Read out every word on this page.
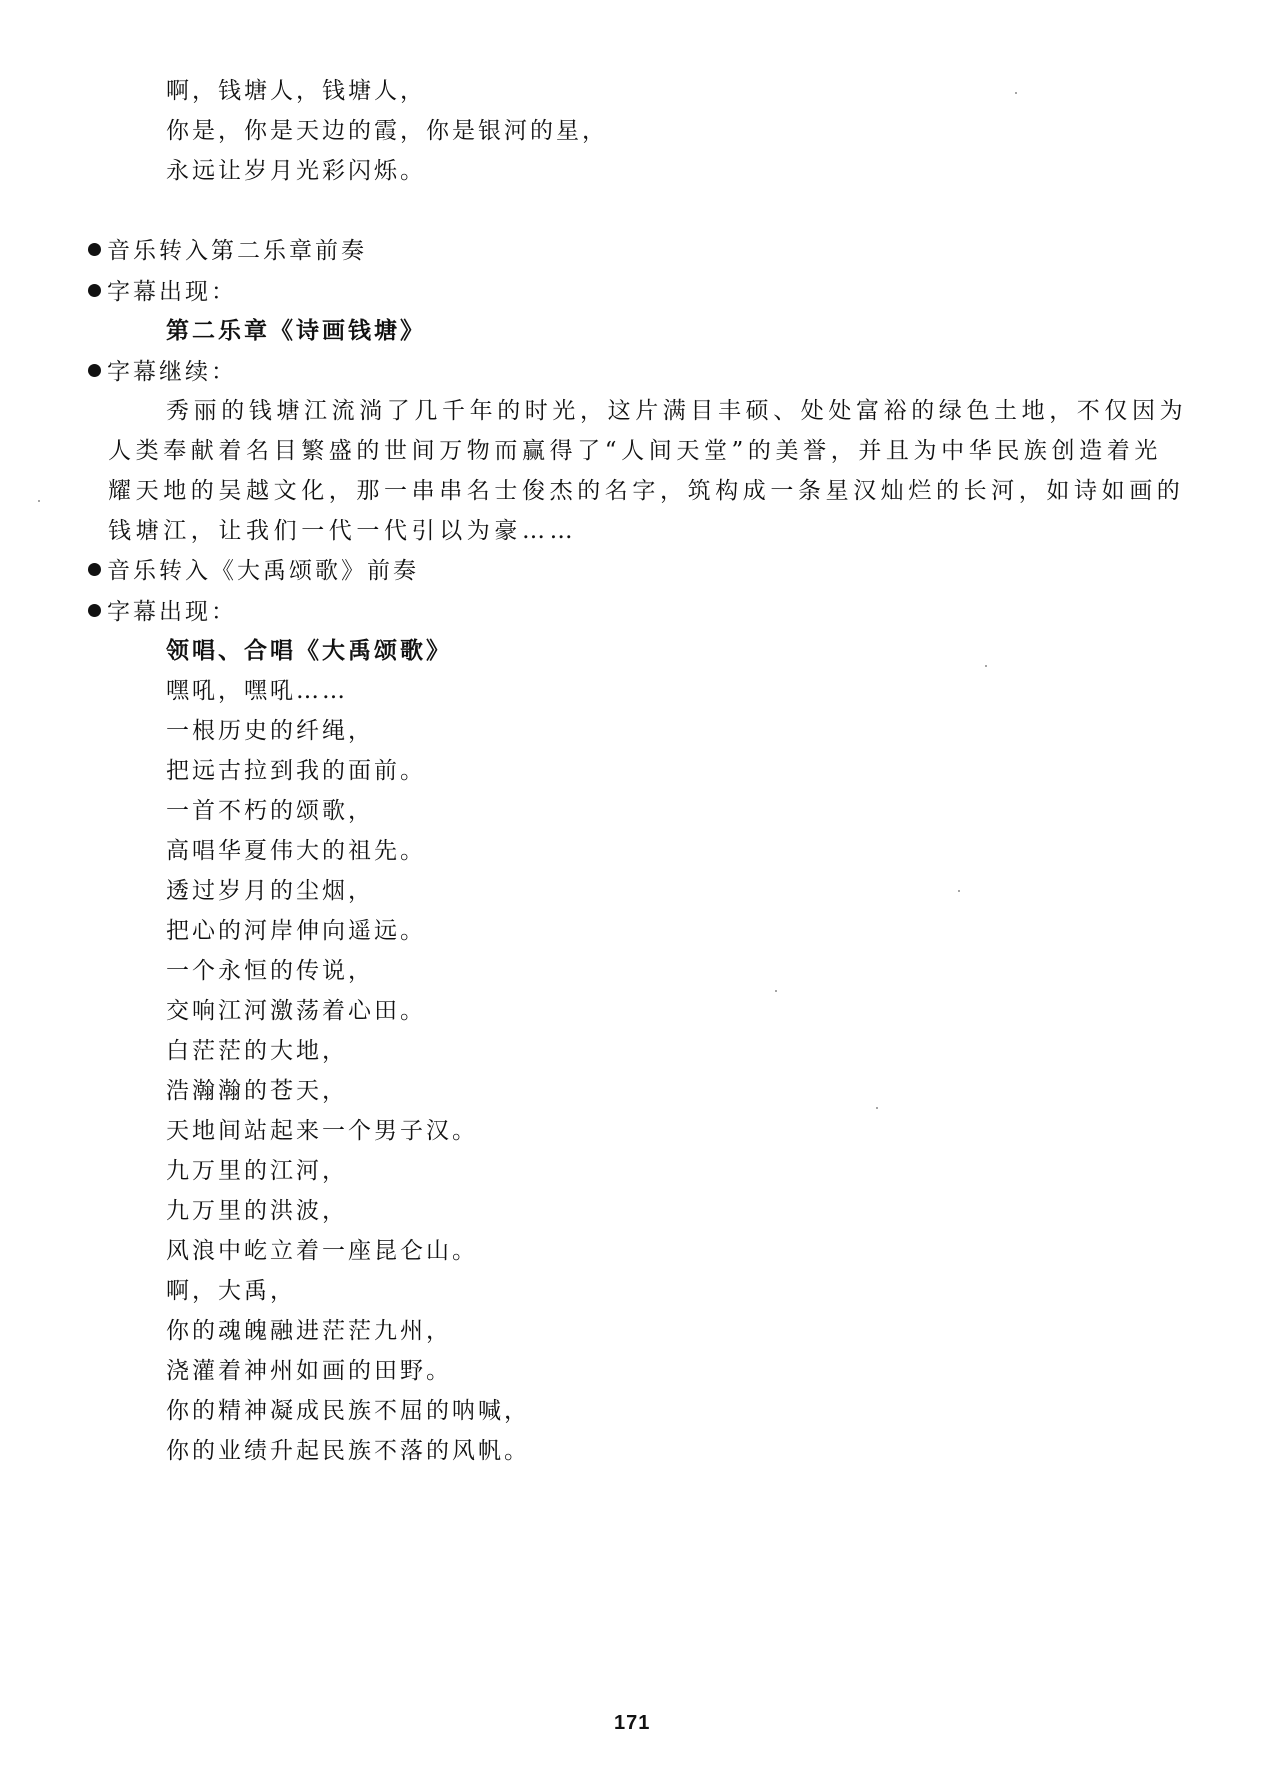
啊，钱塘人，钱塘人，
你是，你是天边的霞，你是银河的星，
永远让岁月光彩闪烁。
音乐转入第二乐章前奏
字幕出现：
第二乐章《诗画钱塘》
字幕继续：
秀丽的钱塘江流淌了几千年的时光，这片满目丰硕、处处富裕的绿色土地，不仅因为
人类奉献着名目繁盛的世间万物而赢得了“人间天堂”的美誉，并且为中华民族创造着光
耀天地的吴越文化，那一串串名士俊杰的名字，筑构成一条星汉灿烂的长河，如诗如画的
钱塘江，让我们一代一代引以为豪……
音乐转入《大禹颂歌》前奏
字幕出现：
领唱、合唱《大禹颂歌》
嘿吼，嘿吼……
一根历史的纤绳，
把远古拉到我的面前。
一首不朽的颂歌，
高唱华夏伟大的祖先。
透过岁月的尘烟，
把心的河岸伸向遥远。
一个永恒的传说，
交响江河激荡着心田。
白茫茫的大地，
浩瀚瀚的苍天，
天地间站起来一个男子汉。
九万里的江河，
九万里的洪波，
风浪中屹立着一座昆仑山。
啊，大禹，
你的魂魄融进茫茫九州，
浇灌着神州如画的田野。
你的精神凝成民族不屈的呐喊，
你的业绩升起民族不落的风帆。
171
